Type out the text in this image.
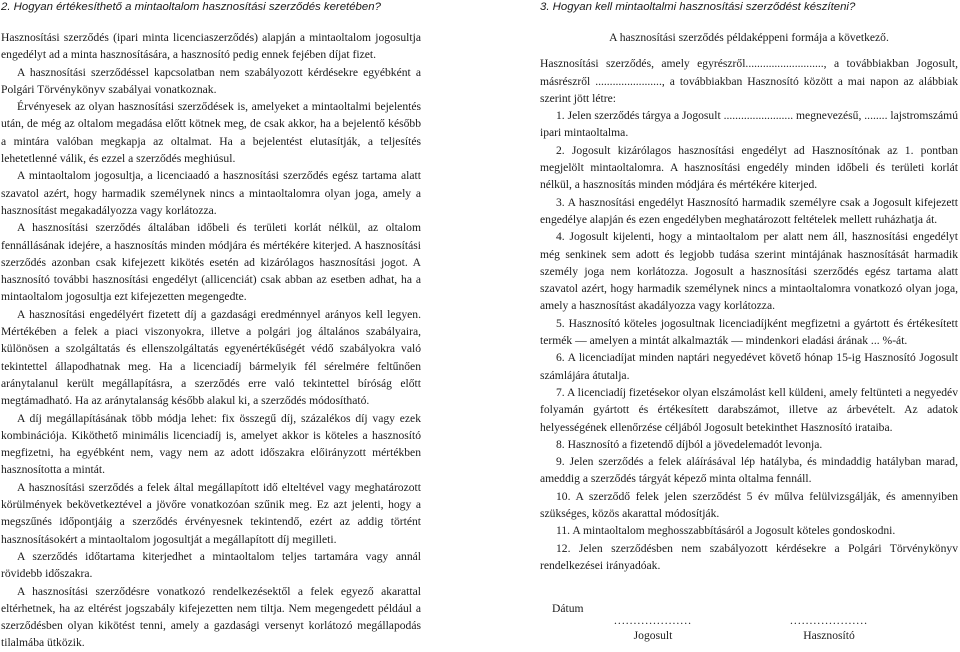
2. Hogyan értékesíthető a mintaoltalom hasznosítási szerződés keretében?

Hasznosítási szerződés (ipari minta licenciaszerződés) alapján a mintaoltalom jogosultja engedélyt ad a minta hasznosítására, a hasznosító pedig ennek fejében díjat fizet.

A hasznosítási szerződéssel kapcsolatban nem szabályozott kérdésekre egyébként a Polgári Törvénykönyv szabályai vonatkoznak.

Érvényesek az olyan hasznosítási szerződések is, amelyeket a mintaoltalmi bejelentés után, de még az oltalom megadása előtt kötnek meg, de csak akkor, ha a bejelentő később a mintára valóban megkapja az oltalmat. Ha a bejelentést elutasítják, a teljesítés lehetetlenné válik, és ezzel a szerződés meghiúsul.

A mintaoltalom jogosultja, a licenciaadó a hasznosítási szerződés egész tartama alatt szavatol azért, hogy harmadik személynek nincs a mintaoltalomra olyan joga, amely a hasznosítást megakadályozza vagy korlátozza.

A hasznosítási szerződés általában időbeli és területi korlát nélkül, az oltalom fennállásának idejére, a hasznosítás minden módjára és mértékére kiterjed. A hasznosítási szerződés azonban csak kifejezett kikötés esetén ad kizárólagos hasznosítási jogot. A hasznosító további hasznosítási engedélyt (allicenciát) csak abban az esetben adhat, ha a mintaoltalom jogosultja ezt kifejezetten megengedte.

A hasznosítási engedélyért fizetett díj a gazdasági eredménnyel arányos kell legyen. Mértékében a felek a piaci viszonyokra, illetve a polgári jog általános szabályaira, különösen a szolgáltatás és ellenszolgáltatás egyenértékűségét védő szabályokra való tekintettel állapodhatnak meg. Ha a licenciadíj bármelyik fél sérelmére feltűnően aránytalanul került megállapításra, a szerződés erre való tekintettel bíróság előtt megtámadható. Ha az aránytalanság később alakul ki, a szerződés módosítható.

A díj megállapításának több módja lehet: fix összegű díj, százalékos díj vagy ezek kombinációja. Kiköthető minimális licenciadíj is, amelyet akkor is köteles a hasznosító megfizetni, ha egyébként nem, vagy nem az adott időszakra előirányzott mértékben hasznosította a mintát.

A hasznosítási szerződés a felek által megállapított idő elteltével vagy meghatározott körülmények bekövetkeztével a jövőre vonatkozóan szűnik meg. Ez azt jelenti, hogy a megszűnés időpontjáig a szerződés érvényesnek tekintendő, ezért az addig történt hasznosításokért a mintaoltalom jogosultját a megállapított díj megilleti.

A szerződés időtartama kiterjedhet a mintaoltalom teljes tartamára vagy annál rövidebb időszakra.

A hasznosítási szerződésre vonatkozó rendelkezésektől a felek egyező akarattal eltérhetnek, ha az eltérést jogszabály kifejezetten nem tiltja. Nem megengedett például a szerződésben olyan kikötést tenni, amely a gazdasági versenyt korlátozó megállapodás tilalmába ütközik.

3. Hogyan kell mintaoltalmi hasznosítási szerződést készíteni?

A hasznosítási szerződés példaképpeni formája a következő.

Hasznosítási szerződés, amely egyrészről..........................., a továbbiakban Jogosult, másrészről ......................., a továbbiakban Hasznosító között a mai napon az alábbiak szerint jött létre:

1. Jelen szerződés tárgya a Jogosult ........................ megnevezésű, ........ lajstromszámú ipari mintaoltalma.

2. Jogosult kizárólagos hasznosítási engedélyt ad Hasznosítónak az 1. pontban megjelölt mintaoltalomra. A hasznosítási engedély minden időbeli és területi korlát nélkül, a hasznosítás minden módjára és mértékére kiterjed.

3. A hasznosítási engedélyt Hasznosító harmadik személyre csak a Jogosult kifejezett engedélye alapján és ezen engedélyben meghatározott feltételek mellett ruházhatja át.

4. Jogosult kijelenti, hogy a mintaoltalom per alatt nem áll, hasznosítási engedélyt még senkinek sem adott és legjobb tudása szerint mintájának hasznosítását harmadik személy joga nem korlátozza. Jogosult a hasznosítási szerződés egész tartama alatt szavatol azért, hogy harmadik személynek nincs a mintaoltalomra vonatkozó olyan joga, amely a hasznosítást akadályozza vagy korlátozza.

5. Hasznosító köteles jogosultnak licenciadíjként megfizetni a gyártott és értékesített termék — amelyen a mintát alkalmazták — mindenkori eladási árának ... %-át.

6. A licenciadíjat minden naptári negyedévet követő hónap 15-ig Hasznosító Jogosult számlájára átutalja.

7. A licenciadíj fizetésekor olyan elszámolást kell küldeni, amely feltünteti a negyedév folyamán gyártott és értékesített darabszámot, illetve az árbevételt. Az adatok helyességének ellenőrzése céljából Jogosult betekinthet Hasznosító irataiba.

8. Hasznosító a fizetendő díjból a jövedelemadót levonja.

9. Jelen szerződés a felek aláírásával lép hatályba, és mindaddig hatályban marad, ameddig a szerződés tárgyát képező minta oltalma fennáll.

10. A szerződő felek jelen szerződést 5 év műlva felülvizsgálják, és amennyiben szükséges, közös akarattal módosítják.

11. A mintaoltalom meghosszabbításáról a Jogosult köteles gondoskodni.

12. Jelen szerződésben nem szabályozott kérdésekre a Polgári Törvénykönyv rendelkezései irányadóak.

Dátum

....................
Jogosult
....................
Hasznosító
